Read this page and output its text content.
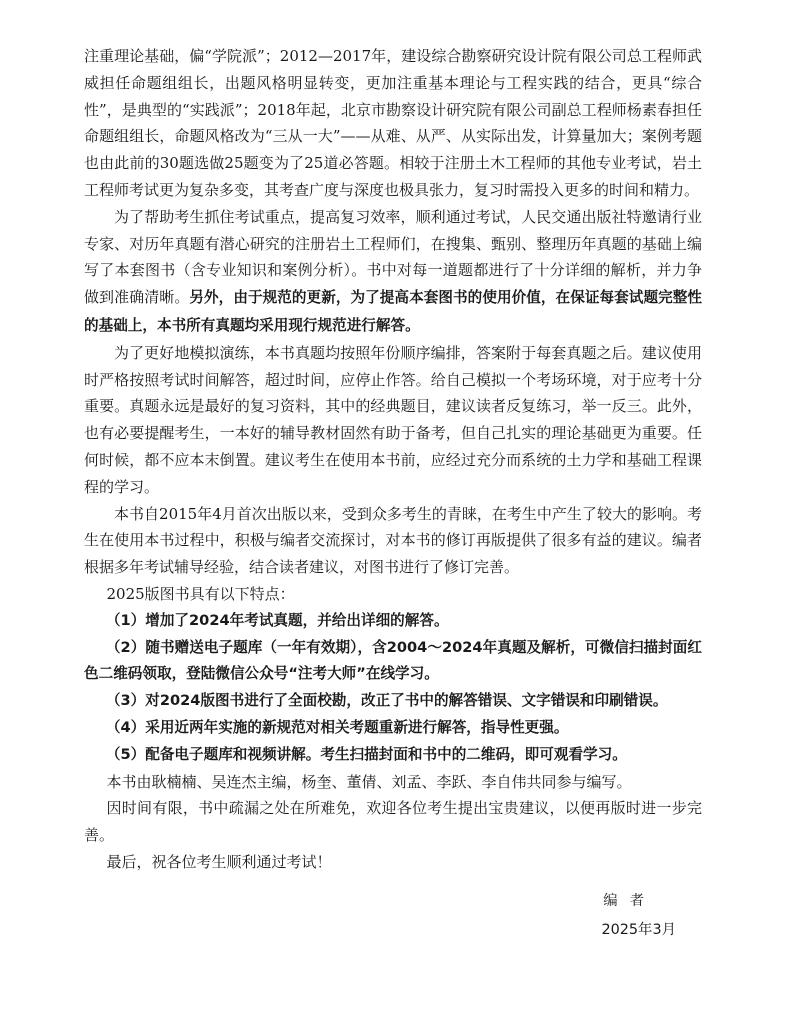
注重理论基础，偏“学院派”；2012—2017年，建设综合勘察研究设计院有限公司总工程师武威担任命题组组长，出题风格明显转变，更加注重基本理论与工程实践的结合，更具“综合性”，是典型的“实践派”；2018年起，北京市勘察设计研究院有限公司副总工程师杨素春担任命题组组长，命题风格改为“三从一大”——从难、从严、从实际出发，计算量加大；案例考题也由此前的30题选做25题变为了25道必答题。相较于注册土木工程师的其他专业考试，岩土工程师考试更为复杂多变，其考查广度与深度也极具张力，复习时需投入更多的时间和精力。

为了帮助考生抓住考试重点，提高复习效率，顺利通过考试，人民交通出版社特邀请行业专家、对历年真题有潜心研究的注册岩土工程师们，在搜集、甄别、整理历年真题的基础上编写了本套图书（含专业知识和案例分析）。书中对每一道题都进行了十分详细的解析，并力争做到准确清晰。另外，由于规范的更新，为了提高本套图书的使用价值，在保证每套试题完整性的基础上，本书所有真题均采用现行规范进行解答。

为了更好地模拟演练，本书真题均按照年份顺序编排，答案附于每套真题之后。建议使用时严格按照考试时间解答，超过时间，应停止作答。给自己模拟一个考场环境，对于应考十分重要。真题永远是最好的复习资料，其中的经典题目，建议读者反复练习，举一反三。此外，也有必要提醒考生，一本好的辅导教材固然有助于备考，但自己扎实的理论基础更为重要。任何时候，都不应本末倒置。建议考生在使用本书前，应经过充分而系统的土力学和基础工程课程的学习。

本书自2015年4月首次出版以来，受到众多考生的青睐，在考生中产生了较大的影响。考生在使用本书过程中，积极与编者交流探讨，对本书的修订再版提供了很多有益的建议。编者根据多年考试辅导经验，结合读者建议，对图书进行了修订完善。

2025版图书具有以下特点：

（1）增加了2024年考试真题，并给出详细的解答。

（2）随书赠送电子题库（一年有效期），含2004～2024年真题及解析，可微信扫描封面红色二维码领取，登陆微信公众号“注考大师”在线学习。

（3）对2024版图书进行了全面校勘，改正了书中的解答错误、文字错误和印刷错误。

（4）采用近两年实施的新规范对相关考题重新进行解答，指导性更强。

（5）配备电子题库和视频讲解。考生扫描封面和书中的二维码，即可观看学习。

本书由耿楠楠、吴连杰主编，杨奎、董倩、刘孟、李跃、李自伟共同参与编写。

因时间有限，书中疏漏之处在所难免，欢迎各位考生提出宝贵建议，以便再版时进一步完善。

最后，祝各位考生顺利通过考试！

编者

2025年3月
